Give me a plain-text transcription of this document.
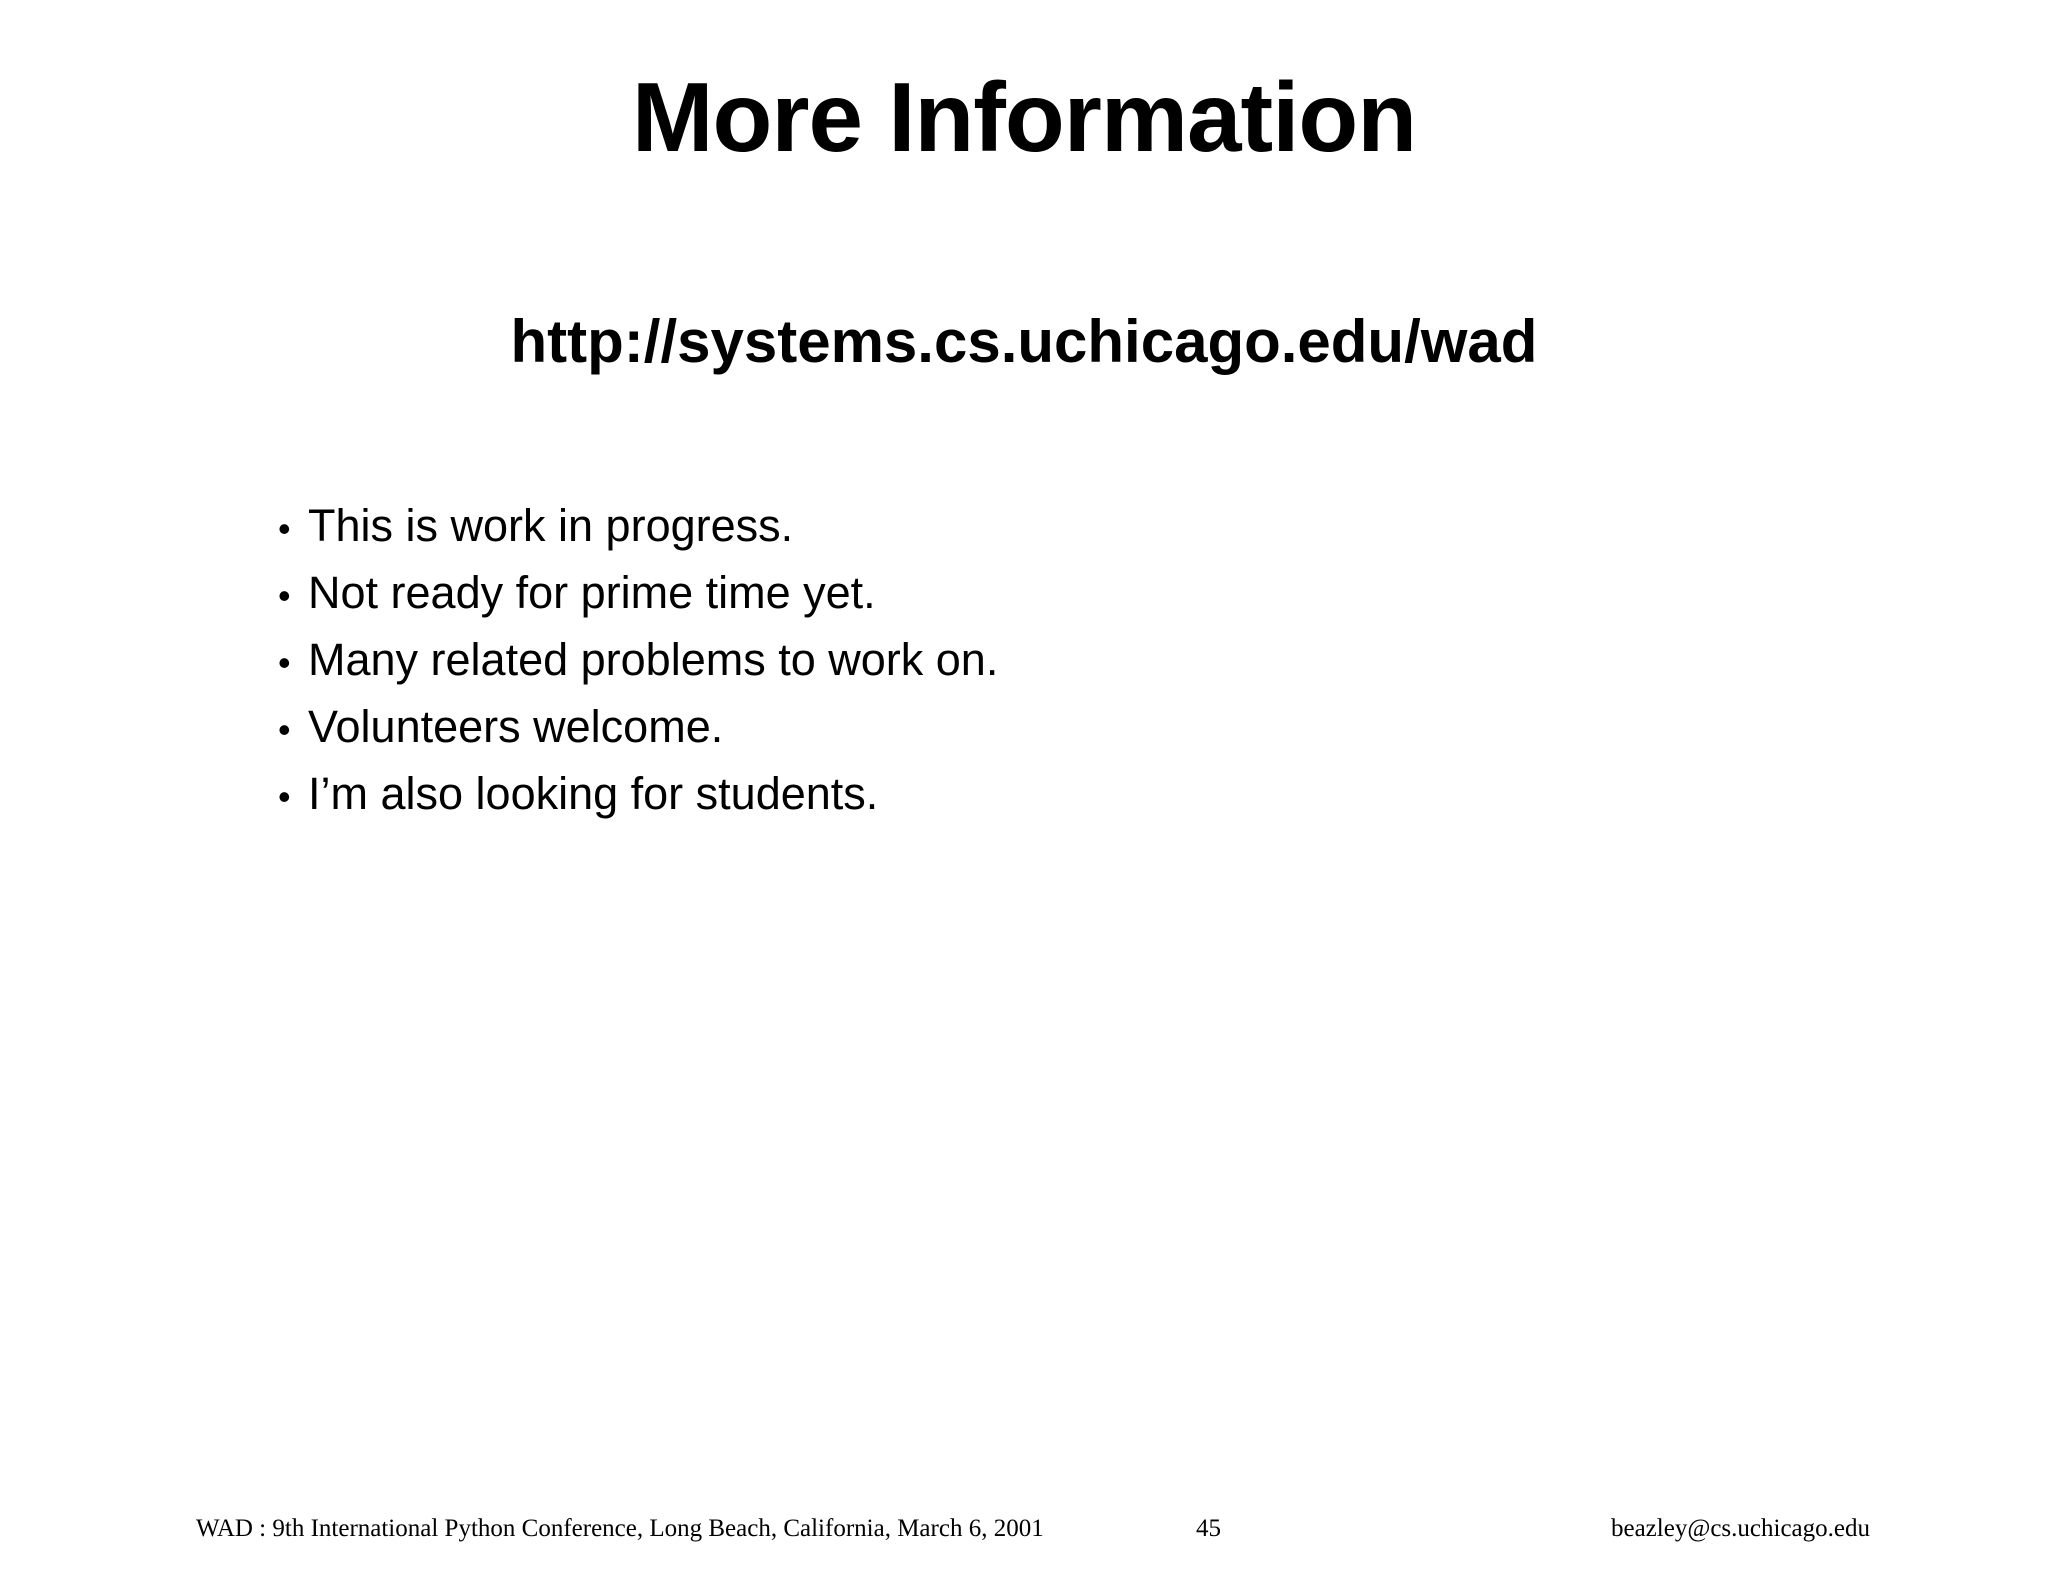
More Information
http://systems.cs.uchicago.edu/wad
• This is work in progress.
• Not ready for prime time yet.
• Many related problems to work on.
• Volunteers welcome.
• I’m also looking for students.
WAD : 9th International Python Conference, Long Beach, California, March 6, 2001	45	beazley@cs.uchicago.edu
